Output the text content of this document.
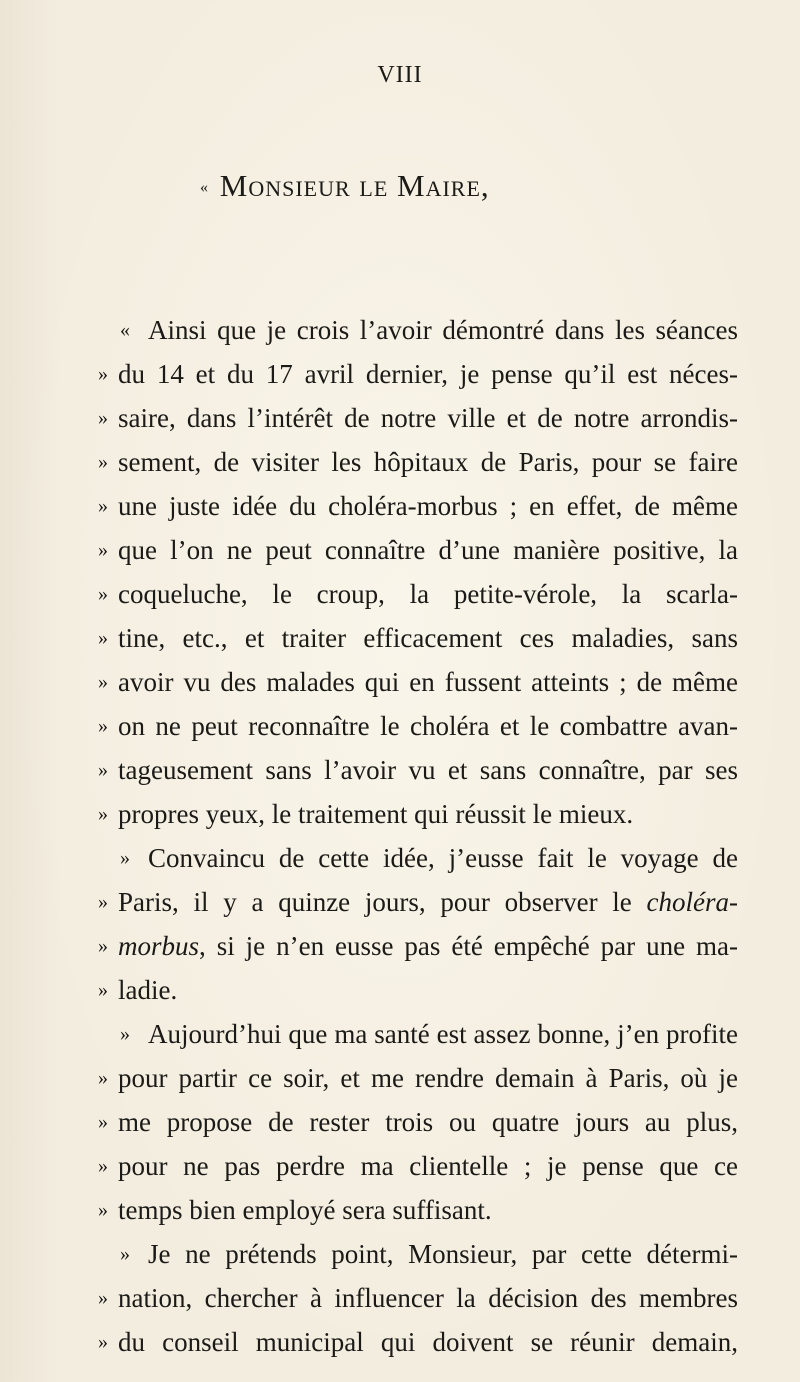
VIII
« Monsieur le Maire,
« Ainsi que je crois l’avoir démontré dans les séances
» du 14 et du 17 avril dernier, je pense qu’il est néces-
» saire, dans l’intérêt de notre ville et de notre arrondis-
» sement, de visiter les hôpitaux de Paris, pour se faire
» une juste idée du choléra-morbus ; en effet, de même
» que l’on ne peut connaître d’une manière positive, la
» coqueluche, le croup, la petite-vérole, la scarla-
» tine, etc., et traiter efficacement ces maladies, sans
» avoir vu des malades qui en fussent atteints ; de même
» on ne peut reconnaître le choléra et le combattre avan-
» tageusement sans l’avoir vu et sans connaître, par ses
» propres yeux, le traitement qui réussit le mieux.
» Convaincu de cette idée, j’eusse fait le voyage de
» Paris, il y a quinze jours, pour observer le choléra-
» morbus, si je n’en eusse pas été empêché par une ma-
» ladie.
» Aujourd’hui que ma santé est assez bonne, j’en profite
» pour partir ce soir, et me rendre demain à Paris, où je
» me propose de rester trois ou quatre jours au plus,
» pour ne pas perdre ma clientelle ; je pense que ce
» temps bien employé sera suffisant.
» Je ne prétends point, Monsieur, par cette détermi-
» nation, chercher à influencer la décision des membres
» du conseil municipal qui doivent se réunir demain,
